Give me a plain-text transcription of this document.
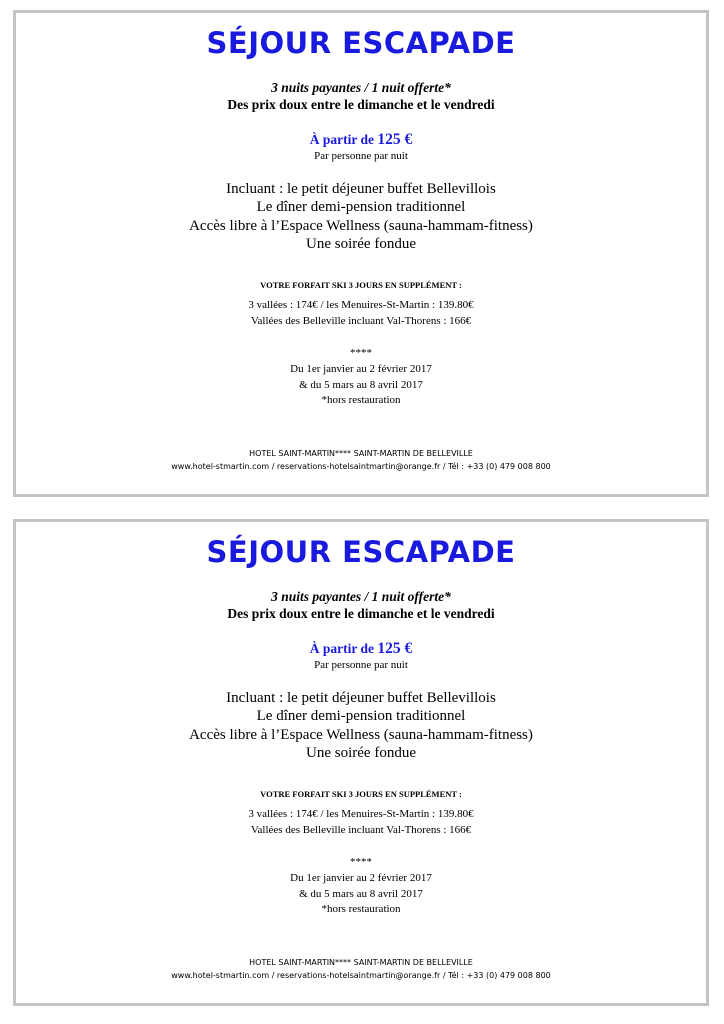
SÉJOUR ESCAPADE

3 nuits payantes / 1 nuit offerte*

Des prix doux entre le dimanche et le vendredi

À partir de 125 €

Par personne par nuit

Incluant : le petit déjeuner buffet Bellevillois
Le dîner demi-pension traditionnel
Accès libre à l’Espace Wellness (sauna-hammam-fitness)
Une soirée fondue

VOTRE FORFAIT SKI 3 JOURS EN SUPPLÉMENT :

3 vallées : 174€ / les Menuires-St-Martin : 139.80€
Vallées des Belleville incluant Val-Thorens : 166€

****

Du 1er janvier au 2 février 2017
& du 5 mars au 8 avril 2017
*hors restauration
HOTEL SAINT-MARTIN**** SAINT-MARTIN DE BELLEVILLE
www.hotel-stmartin.com / reservations-hotelsaintmartin@orange.fr / Tél : +33 (0) 479 008 800
SÉJOUR ESCAPADE

3 nuits payantes / 1 nuit offerte*

Des prix doux entre le dimanche et le vendredi

À partir de 125 €

Par personne par nuit

Incluant : le petit déjeuner buffet Bellevillois
Le dîner demi-pension traditionnel
Accès libre à l’Espace Wellness (sauna-hammam-fitness)
Une soirée fondue

VOTRE FORFAIT SKI 3 JOURS EN SUPPLÉMENT :

3 vallées : 174€ / les Menuires-St-Martin : 139.80€
Vallées des Belleville incluant Val-Thorens : 166€

****

Du 1er janvier au 2 février 2017
& du 5 mars au 8 avril 2017
*hors restauration
HOTEL SAINT-MARTIN**** SAINT-MARTIN DE BELLEVILLE
www.hotel-stmartin.com / reservations-hotelsaintmartin@orange.fr / Tél : +33 (0) 479 008 800
